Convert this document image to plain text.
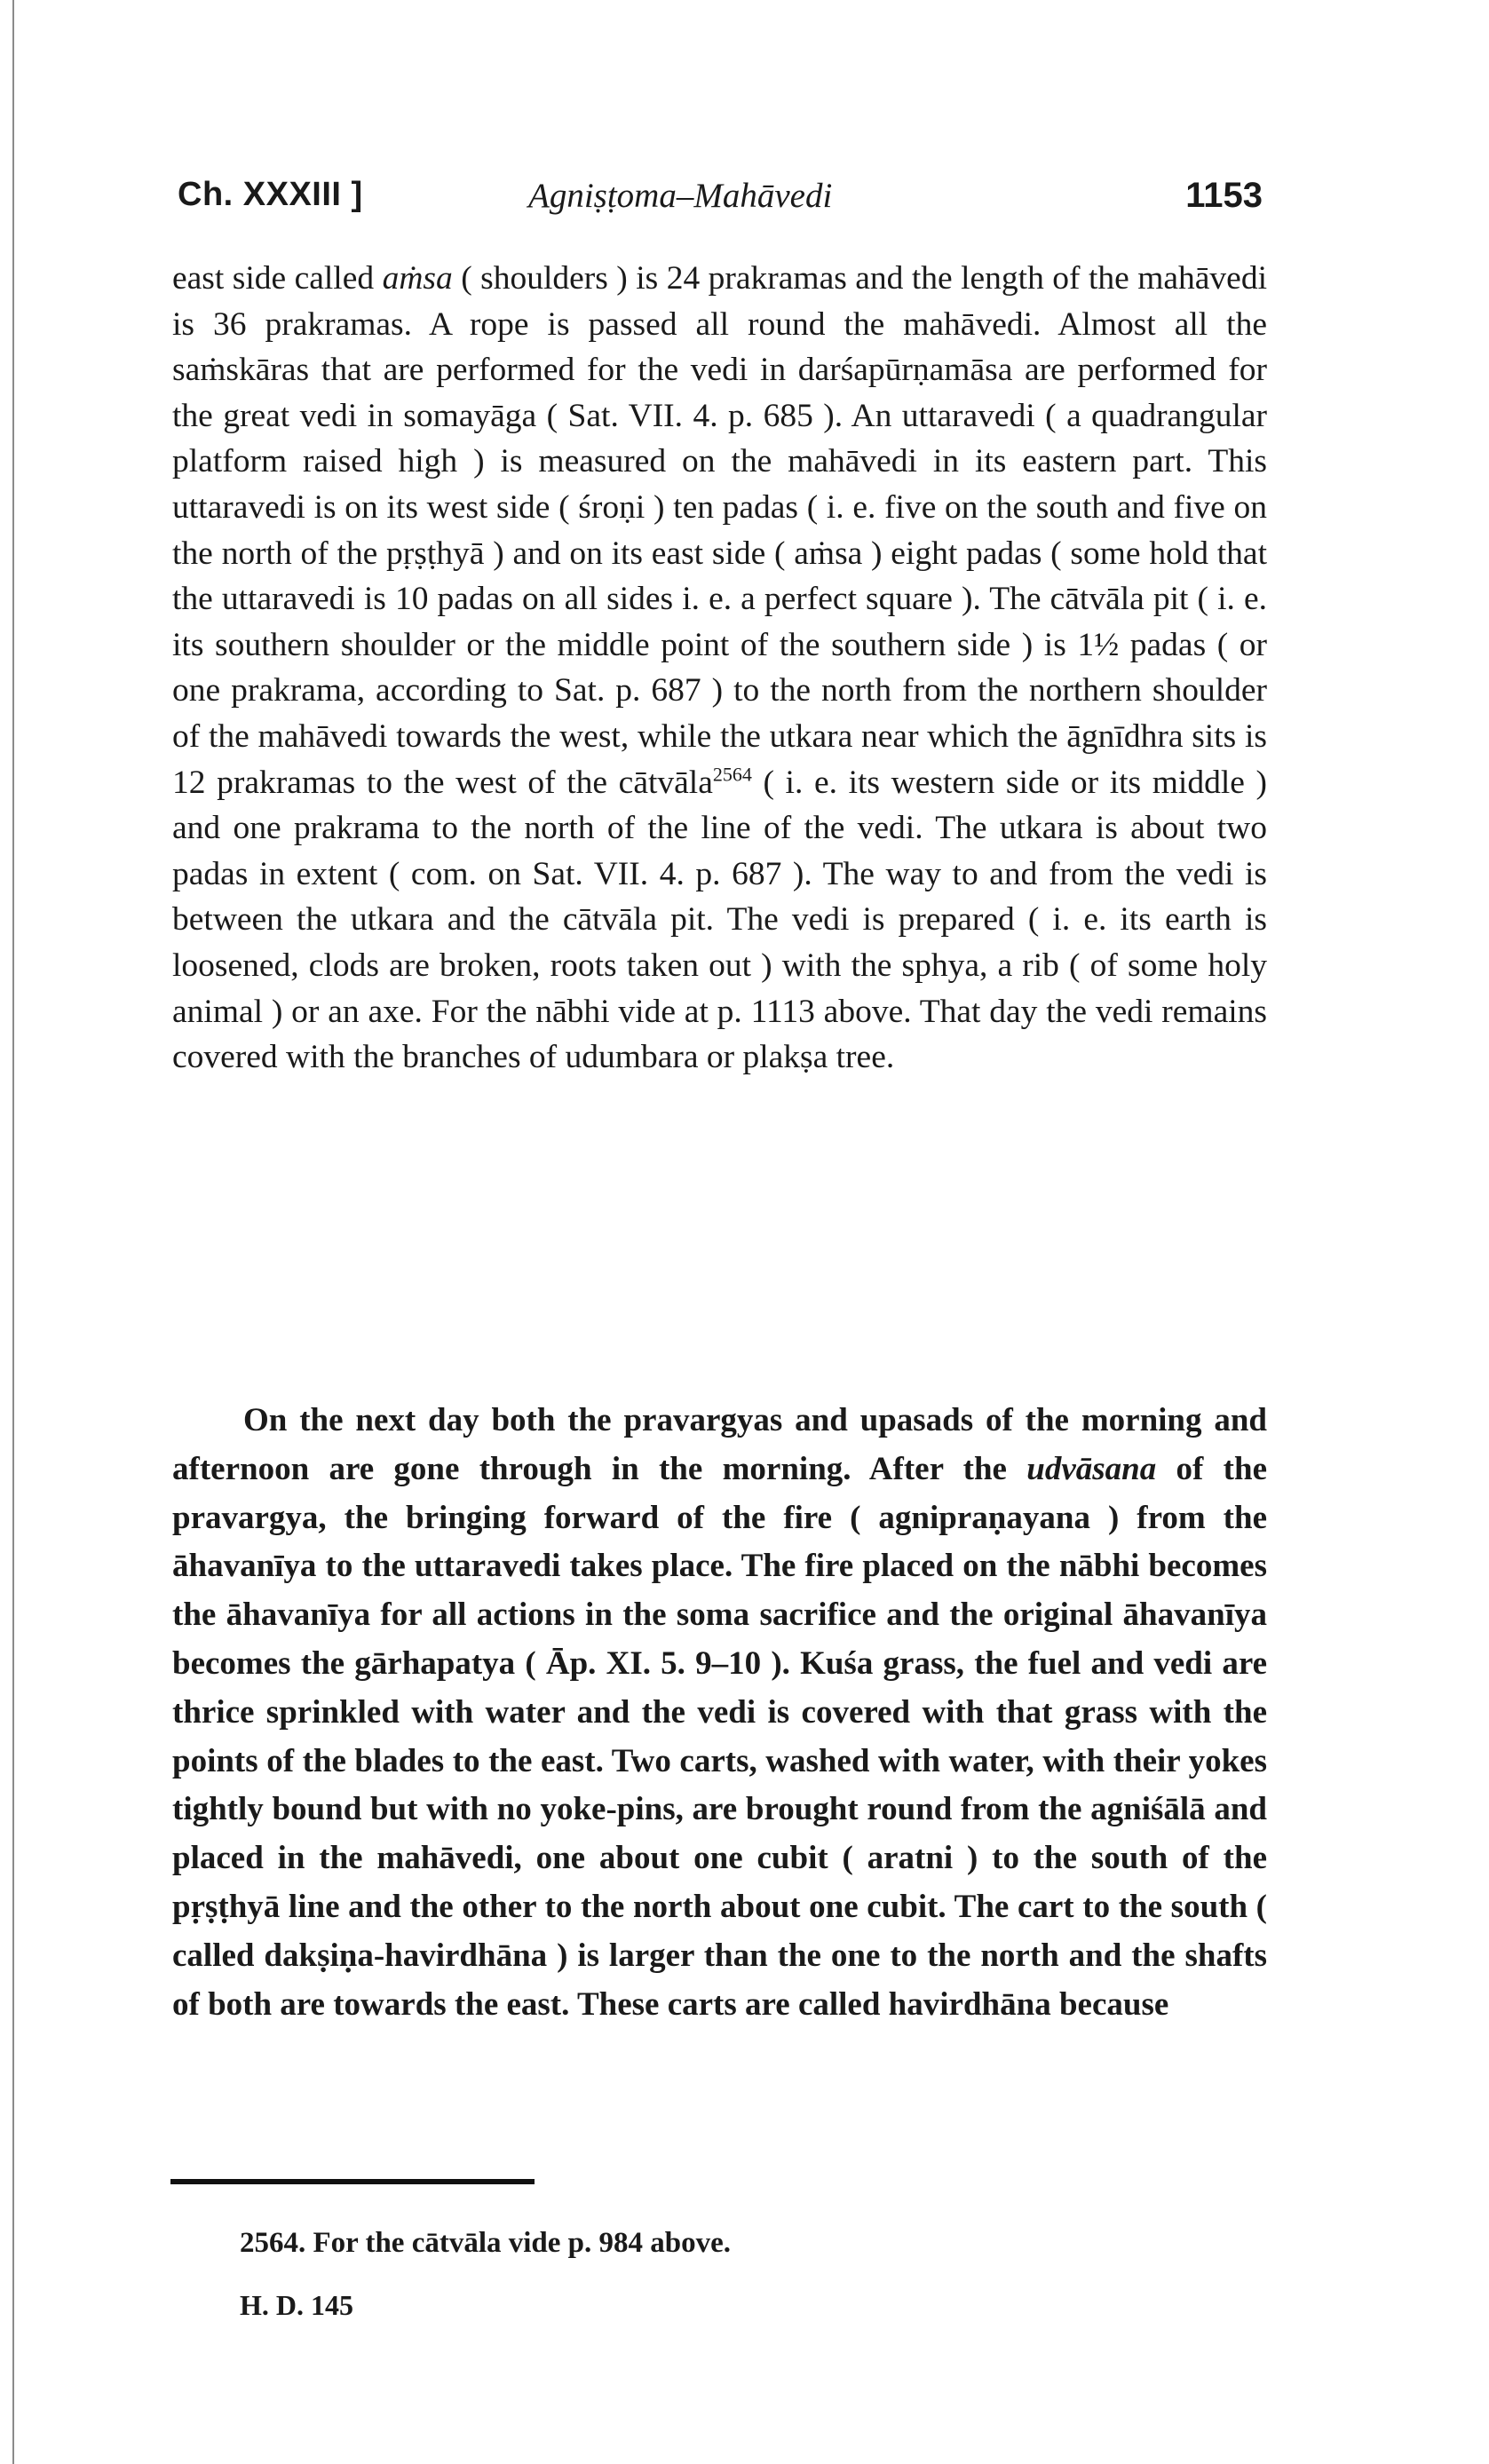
Ch. XXXIII ]	Agniṣṭoma–Mahāvedi	1153

east side called aṁsa ( shoulders ) is 24 prakramas and the length of the mahāvedi is 36 prakramas. A rope is passed all round the mahāvedi. Almost all the saṁskāras that are performed for the vedi in darśapūrṇamāsa are performed for the great vedi in somayāga ( Sat. VII. 4. p. 685 ). An uttaravedi ( a quadrangular platform raised high ) is measured on the mahāvedi in its eastern part. This uttaravedi is on its west side ( śroṇi ) ten padas ( i. e. five on the south and five on the north of the pṛṣṭhyā ) and on its east side ( aṁsa ) eight padas ( some hold that the uttaravedi is 10 padas on all sides i. e. a perfect square ). The cātvāla pit ( i. e. its southern shoulder or the middle point of the southern side ) is 1½ padas ( or one prakrama, according to Sat. p. 687 ) to the north from the northern shoulder of the mahāvedi towards the west, while the utkara near which the āgnīdhra sits is 12 prakramas to the west of the cātvāla$^{2564}$ ( i. e. its western side or its middle ) and one prakrama to the north of the line of the vedi. The utkara is about two padas in extent ( com. on Sat. VII. 4. p. 687 ). The way to and from the vedi is between the utkara and the cātvāla pit. The vedi is prepared ( i. e. its earth is loosened, clods are broken, roots taken out ) with the sphya, a rib ( of some holy animal ) or an axe. For the nābhi vide at p. 1113 above. That day the vedi remains covered with the branches of udumbara or plakṣa tree.

On the next day both the pravargyas and upasads of the morning and afternoon are gone through in the morning. After the udvāsana of the pravargya, the bringing forward of the fire ( agnipraṇayana ) from the āhavanīya to the uttaravedi takes place. The fire placed on the nābhi becomes the āhavanīya for all actions in the soma sacrifice and the original āhavanīya becomes the gārhapatya ( Āp. XI. 5. 9–10 ). Kuśa grass, the fuel and vedi are thrice sprinkled with water and the vedi is covered with that grass with the points of the blades to the east. Two carts, washed with water, with their yokes tightly bound but with no yoke-pins, are brought round from the agniśālā and placed in the mahāvedi, one about one cubit ( aratni ) to the south of the pṛṣṭhyā line and the other to the north about one cubit. The cart to the south ( called dakṣiṇa-havirdhāna ) is larger than the one to the north and the shafts of both are towards the east. These carts are called havirdhāna because

2564. For the cātvāla vide p. 984 above.
H. D. 145
